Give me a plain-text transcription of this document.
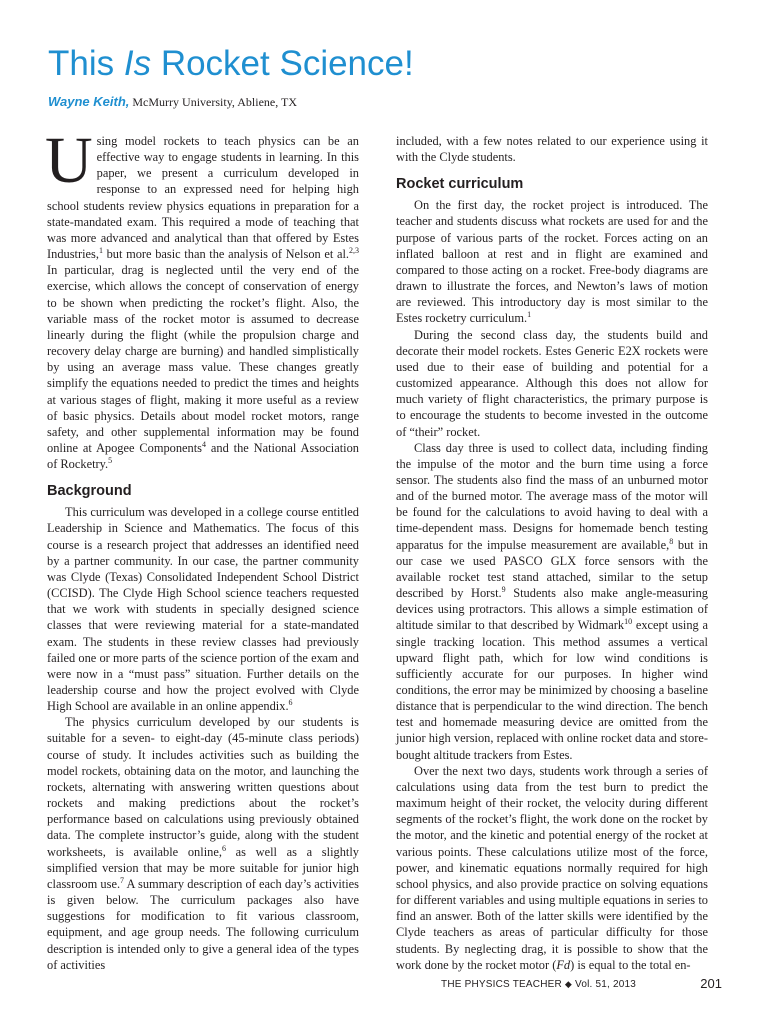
This Is Rocket Science!
Wayne Keith, McMurry University, Abliene, TX

Using model rockets to teach physics can be an effective way to engage students in learning. In this paper, we present a curriculum developed in response to an expressed need for helping high school students review physics equations in preparation for a state-mandated exam. This required a mode of teaching that was more advanced and analytical than that offered by Estes Industries,$^1$ but more basic than the analysis of Nelson et al.$^{2,3}$ In particular, drag is neglected until the very end of the exercise, which allows the concept of conservation of energy to be shown when predicting the rocket’s flight. Also, the variable mass of the rocket motor is assumed to decrease linearly during the flight (while the propulsion charge and recovery delay charge are burning) and handled simplistically by using an average mass value. These changes greatly simplify the equations needed to predict the times and heights at various stages of flight, making it more useful as a review of basic physics. Details about model rocket motors, range safety, and other supplemental information may be found online at Apogee Components$^4$ and the National Association of Rocketry.$^5$

Background

This curriculum was developed in a college course entitled Leadership in Science and Mathematics. The focus of this course is a research project that addresses an identified need by a partner community. In our case, the partner community was Clyde (Texas) Consolidated Independent School District (CCISD). The Clyde High School science teachers requested that we work with students in specially designed science classes that were reviewing material for a state-mandated exam. The students in these review classes had previously failed one or more parts of the science portion of the exam and were now in a “must pass” situation. Further details on the leadership course and how the project evolved with Clyde High School are available in an online appendix.$^6$

The physics curriculum developed by our students is suitable for a seven- to eight-day (45-minute class periods) course of study. It includes activities such as building the model rockets, obtaining data on the motor, and launching the rockets, alternating with answering written questions about rockets and making predictions about the rocket’s performance based on calculations using previously obtained data. The complete instructor’s guide, along with the student worksheets, is available online,$^6$ as well as a slightly simplified version that may be more suitable for junior high classroom use.$^7$ A summary description of each day’s activities is given below. The curriculum packages also have suggestions for modification to fit various classroom, equipment, and age group needs. The following curriculum description is intended only to give a general idea of the types of activities

included, with a few notes related to our experience using it with the Clyde students.

Rocket curriculum

On the first day, the rocket project is introduced. The teacher and students discuss what rockets are used for and the purpose of various parts of the rocket. Forces acting on an inflated balloon at rest and in flight are examined and compared to those acting on a rocket. Free-body diagrams are drawn to illustrate the forces, and Newton’s laws of motion are reviewed. This introductory day is most similar to the Estes rocketry curriculum.$^1$

During the second class day, the students build and decorate their model rockets. Estes Generic E2X rockets were used due to their ease of building and potential for a customized appearance. Although this does not allow for much variety of flight characteristics, the primary purpose is to encourage the students to become invested in the outcome of “their” rocket.

Class day three is used to collect data, including finding the impulse of the motor and the burn time using a force sensor. The students also find the mass of an unburned motor and of the burned motor. The average mass of the motor will be found for the calculations to avoid having to deal with a time-dependent mass. Designs for homemade bench testing apparatus for the impulse measurement are available,$^8$ but in our case we used PASCO GLX force sensors with the available rocket test stand attached, similar to the setup described by Horst.$^9$ Students also make angle-measuring devices using protractors. This allows a simple estimation of altitude similar to that described by Widmark$^{10}$ except using a single tracking location. This method assumes a vertical upward flight path, which for low wind conditions is sufficiently accurate for our purposes. In higher wind conditions, the error may be minimized by choosing a baseline distance that is perpendicular to the wind direction. The bench test and homemade measuring device are omitted from the junior high version, replaced with online rocket data and store-bought altitude trackers from Estes.

Over the next two days, students work through a series of calculations using data from the test burn to predict the maximum height of their rocket, the velocity during different segments of the rocket’s flight, the work done on the rocket by the motor, and the kinetic and potential energy of the rocket at various points. These calculations utilize most of the force, power, and kinematic equations normally required for high school physics, and also provide practice on solving equations for different variables and using multiple equations in series to find an answer. Both of the latter skills were identified by the Clyde teachers as areas of particular difficulty for those students. By neglecting drag, it is possible to show that the work done by the rocket motor (Fd) is equal to the total en-

THE PHYSICS TEACHER ◆ Vol. 51, 2013	201
